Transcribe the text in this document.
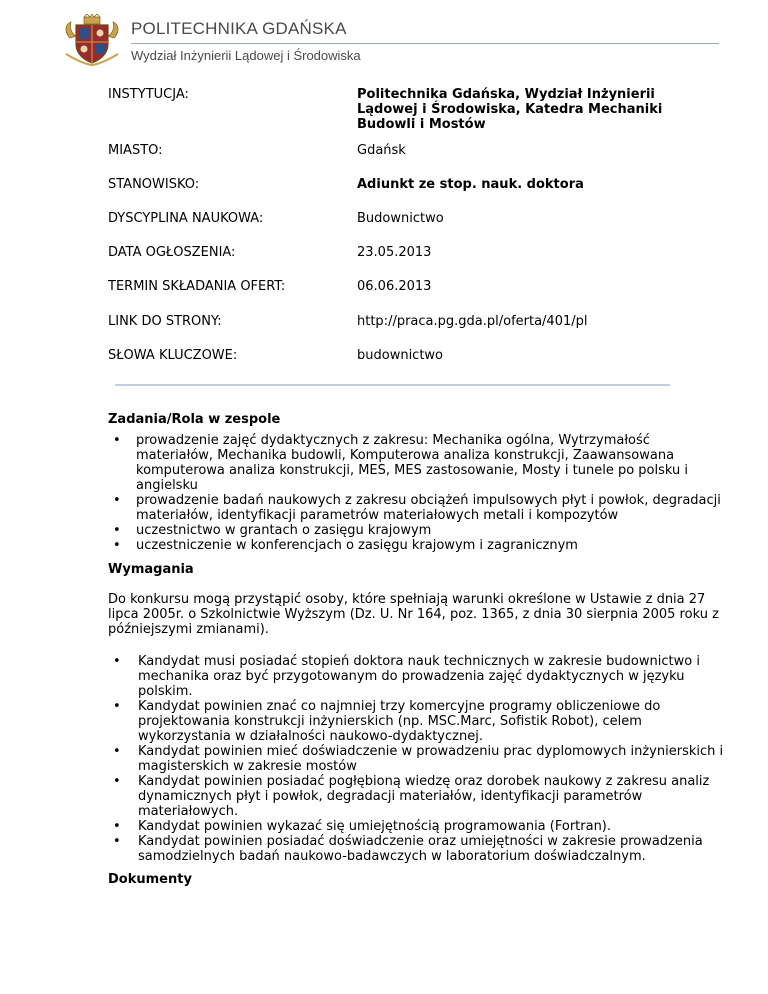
POLITECHNIKA GDAŃSKA
Wydział Inżynierii Lądowej i Środowiska
INSTYTUCJA:	Politechnika Gdańska, Wydział Inżynierii Lądowej i Środowiska, Katedra Mechaniki Budowli i Mostów
MIASTO:	Gdańsk
STANOWISKO:	Adiunkt ze stop. nauk. doktora
DYSCYPLINA NAUKOWA:	Budownictwo
DATA OGŁOSZENIA:	23.05.2013
TERMIN SKŁADANIA OFERT:	06.06.2013
LINK DO STRONY:	http://praca.pg.gda.pl/oferta/401/pl
SŁOWA KLUCZOWE:	budownictwo
Zadania/Rola w zespole
• prowadzenie zajęć dydaktycznych z zakresu: Mechanika ogólna, Wytrzymałość materiałów, Mechanika budowli, Komputerowa analiza konstrukcji, Zaawansowana komputerowa analiza konstrukcji, MES, MES zastosowanie, Mosty i tunele po polsku i angielsku
• prowadzenie badań naukowych z zakresu obciążeń impulsowych płyt i powłok, degradacji materiałów, identyfikacji parametrów materiałowych metali i kompozytów
• uczestnictwo w grantach o zasięgu krajowym
• uczestniczenie w konferencjach o zasięgu krajowym i zagranicznym
Wymagania

Do konkursu mogą przystąpić osoby, które spełniają warunki określone w Ustawie z dnia 27 lipca 2005r. o Szkolnictwie Wyższym (Dz. U. Nr 164, poz. 1365, z dnia 30 sierpnia 2005 roku z późniejszymi zmianami).

• Kandydat musi posiadać stopień doktora nauk technicznych w zakresie budownictwo i mechanika oraz być przygotowanym do prowadzenia zajęć dydaktycznych w języku polskim.
• Kandydat powinien znać co najmniej trzy komercyjne programy obliczeniowe do projektowania konstrukcji inżynierskich (np. MSC.Marc, Sofistik Robot), celem wykorzystania w działalności naukowo-dydaktycznej.
• Kandydat powinien mieć doświadczenie w prowadzeniu prac dyplomowych inżynierskich i magisterskich w zakresie mostów
• Kandydat powinien posiadać pogłębioną wiedzę oraz dorobek naukowy z zakresu analiz dynamicznych płyt i powłok, degradacji materiałów, identyfikacji parametrów materiałowych.
• Kandydat powinien wykazać się umiejętnością programowania (Fortran).
• Kandydat powinien posiadać doświadczenie oraz umiejętności w zakresie prowadzenia samodzielnych badań naukowo-badawczych w laboratorium doświadczalnym.
Dokumenty
